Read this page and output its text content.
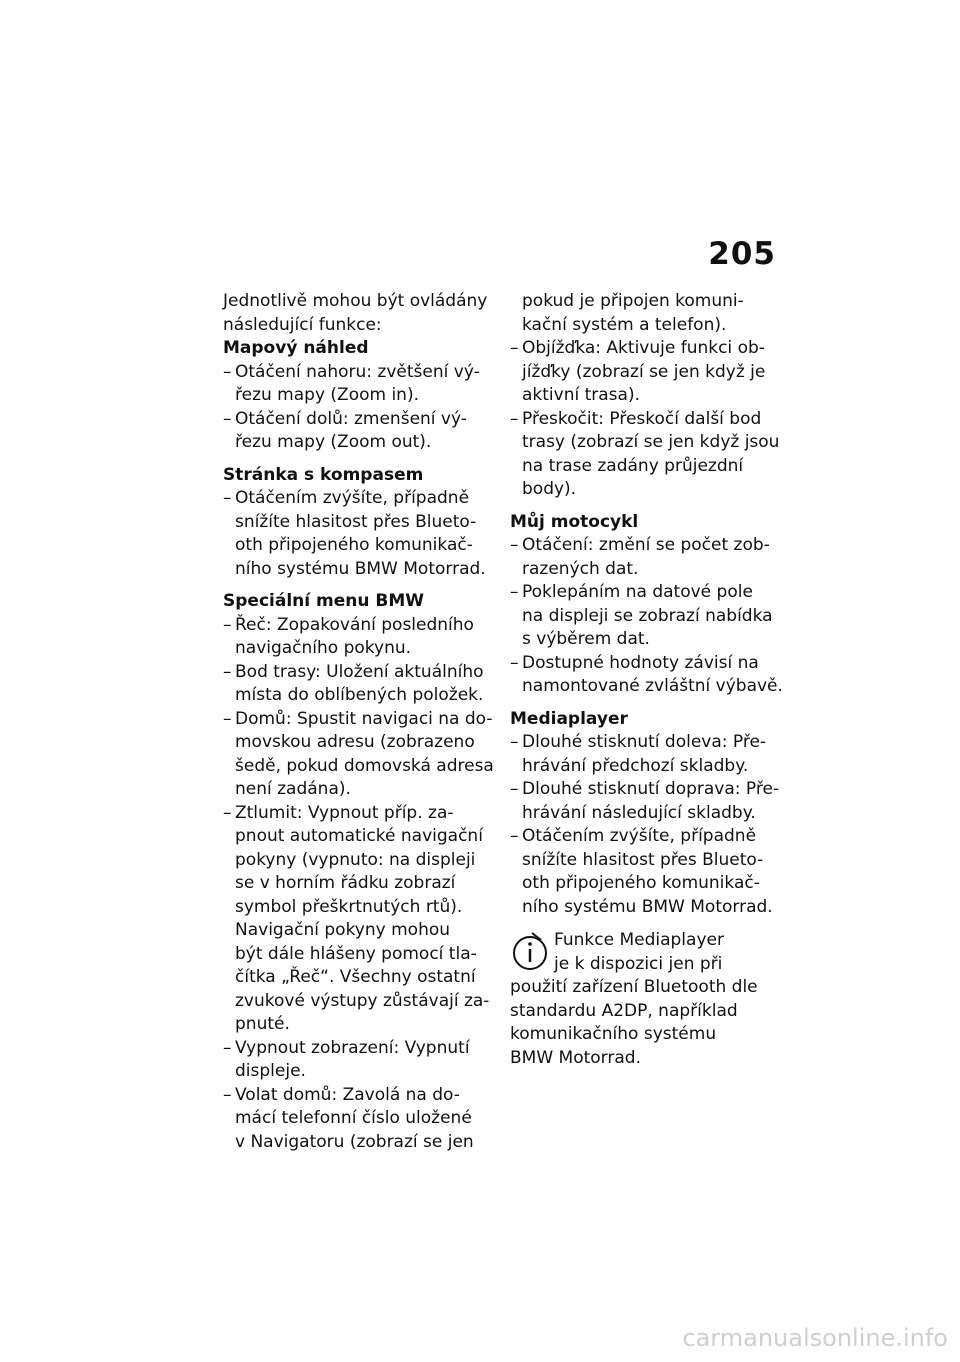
205

Jednotlivě mohou být ovládány

následující funkce:

Mapový náhled

– Otáčení nahoru: zvětšení vý-
řezu mapy (Zoom in).
– Otáčení dolů: zmenšení vý-
řezu mapy (Zoom out).

Stránka s kompasem

– Otáčením zvýšíte, případně
snížíte hlasitost přes Blueto-
oth připojeného komunikač-
ního systému BMW Motorrad.

Speciální menu BMW

– Řeč: Zopakování posledního
navigačního pokynu.
– Bod trasy: Uložení aktuálního
místa do oblíbených položek.
– Domů: Spustit navigaci na do-
movskou adresu (zobrazeno
šedě, pokud domovská adresa
není zadána).
– Ztlumit: Vypnout příp. za-
pnout automatické navigační
pokyny (vypnuto: na displeji
se v horním řádku zobrazí
symbol přeškrtnutých rtů).
Navigační pokyny mohou
být dále hlášeny pomocí tla-
čítka „Řeč“. Všechny ostatní
zvukové výstupy zůstávají za-
pnuté.
– Vypnout zobrazení: Vypnutí
displeje.
– Volat domů: Zavolá na do-
mácí telefonní číslo uložené
v Navigatoru (zobrazí se jen

pokud je připojen komuni-

kační systém a telefon).

– Objížďka: Aktivuje funkci ob-
jížďky (zobrazí se jen když je
aktivní trasa).
– Přeskočit: Přeskočí další bod
trasy (zobrazí se jen když jsou
na trase zadány průjezdní
body).

Můj motocykl

– Otáčení: změní se počet zob-
razených dat.
– Poklepáním na datové pole
na displeji se zobrazí nabídka
s výběrem dat.
– Dostupné hodnoty závisí na
namontované zvláštní výbavě.

Mediaplayer

– Dlouhé stisknutí doleva: Pře-
hrávání předchozí skladby.
– Dlouhé stisknutí doprava: Pře-
hrávání následující skladby.
– Otáčením zvýšíte, případně
snížíte hlasitost přes Blueto-
oth připojeného komunikač-
ního systému BMW Motorrad.

Funkce Mediaplayer

je k dispozici jen při

použití zařízení Bluetooth dle

standardu A2DP, například

komunikačního systému

BMW Motorrad.

carmanualsonline.info
